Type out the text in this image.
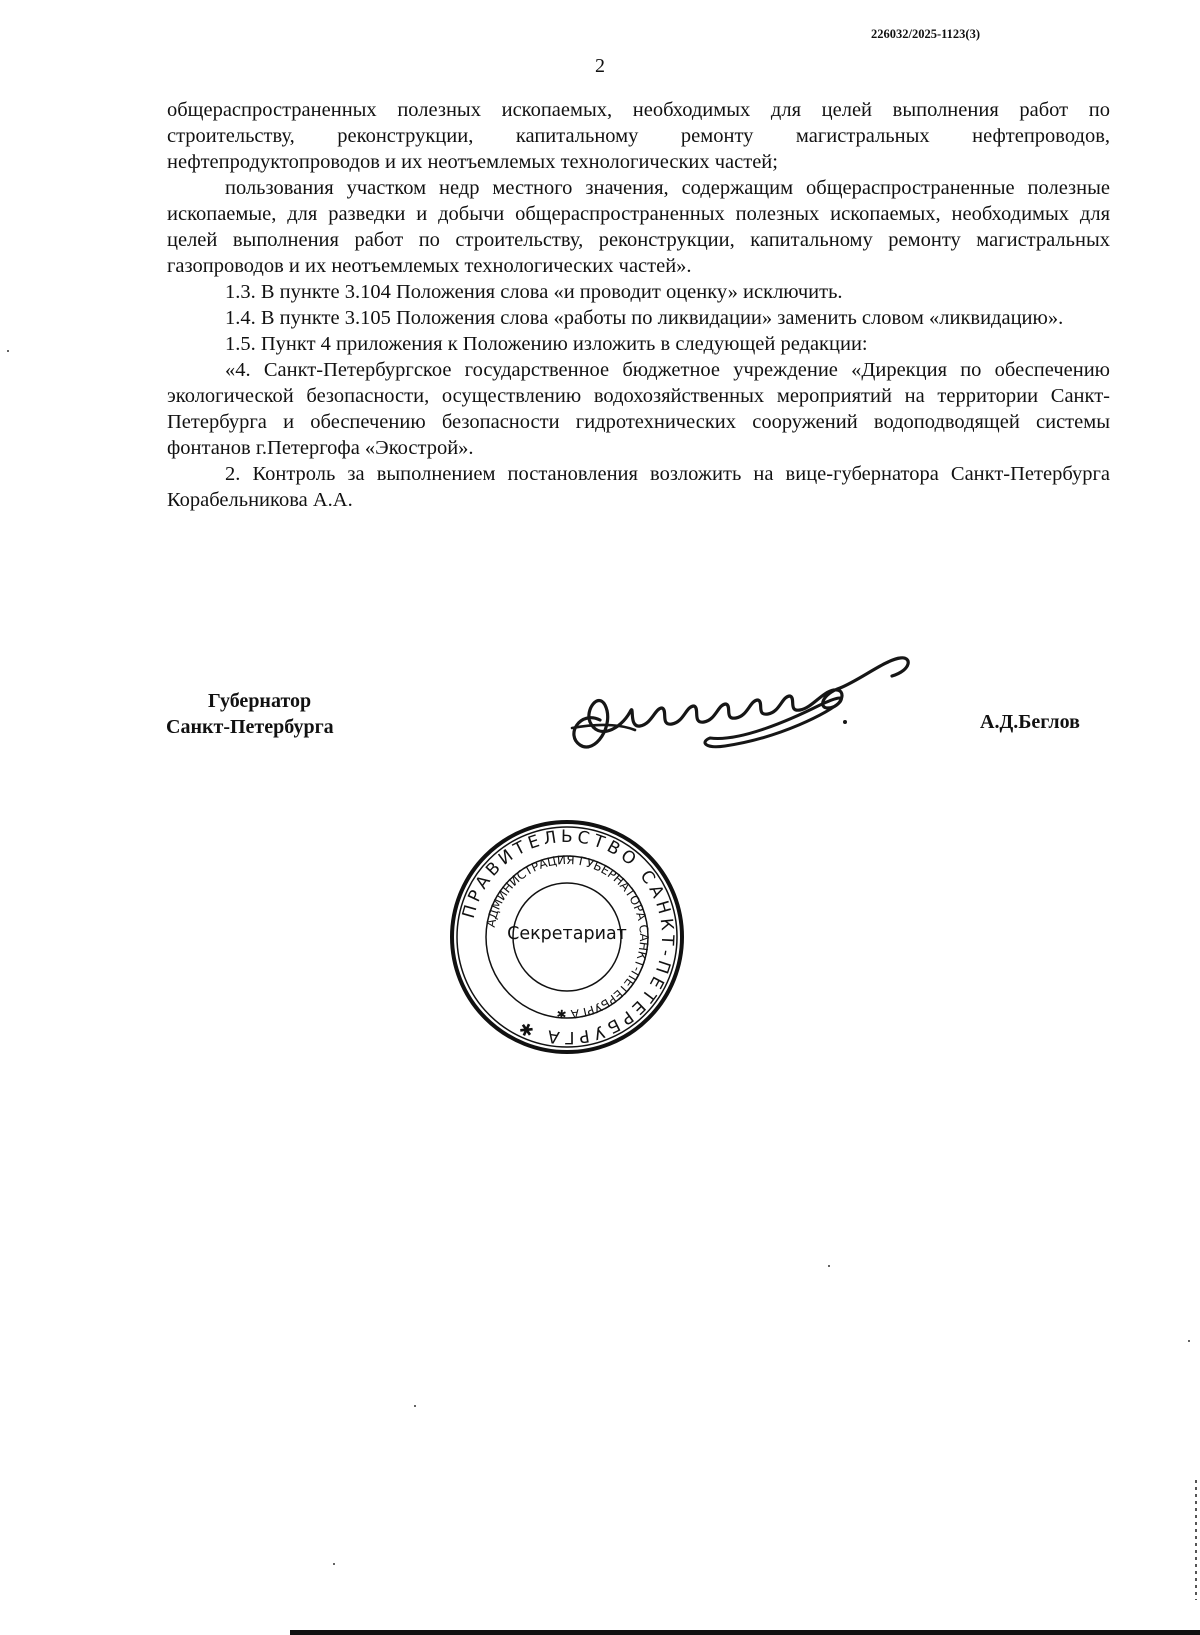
226032/2025-1123(3)
2

общераспространенных полезных ископаемых, необходимых для целей выполнения работ по строительству, реконструкции, капитальному ремонту магистральных нефтепроводов, нефтепродуктопроводов и их неотъемлемых технологических частей;

пользования участком недр местного значения, содержащим общераспространенные полезные ископаемые, для разведки и добычи общераспространенных полезных ископаемых, необходимых для целей выполнения работ по строительству, реконструкции, капитальному ремонту магистральных газопроводов и их неотъемлемых технологических частей».

1.3. В пункте 3.104 Положения слова «и проводит оценку» исключить.

1.4. В пункте 3.105 Положения слова «работы по ликвидации» заменить словом «ликвидацию».

1.5. Пункт 4 приложения к Положению изложить в следующей редакции:

«4. Санкт-Петербургское государственное бюджетное учреждение «Дирекция по обеспечению экологической безопасности, осуществлению водохозяйственных мероприятий на территории Санкт-Петербурга и обеспечению безопасности гидротехнических сооружений водоподводящей системы фонтанов г.Петергофа «Экострой».

2. Контроль за выполнением постановления возложить на вице-губернатора Санкт-Петербурга Корабельникова А.А.

Губернатор
Санкт-Петербурга	А.Д.Беглов
ПРАВИТЕЛЬСТВО САНКТ-ПЕТЕРБУРГА ✱
АДМИНИСТРАЦИЯ ГУБЕРНАТОРА САНКТ-ПЕТЕРБУРГА ✱
Секретариат
